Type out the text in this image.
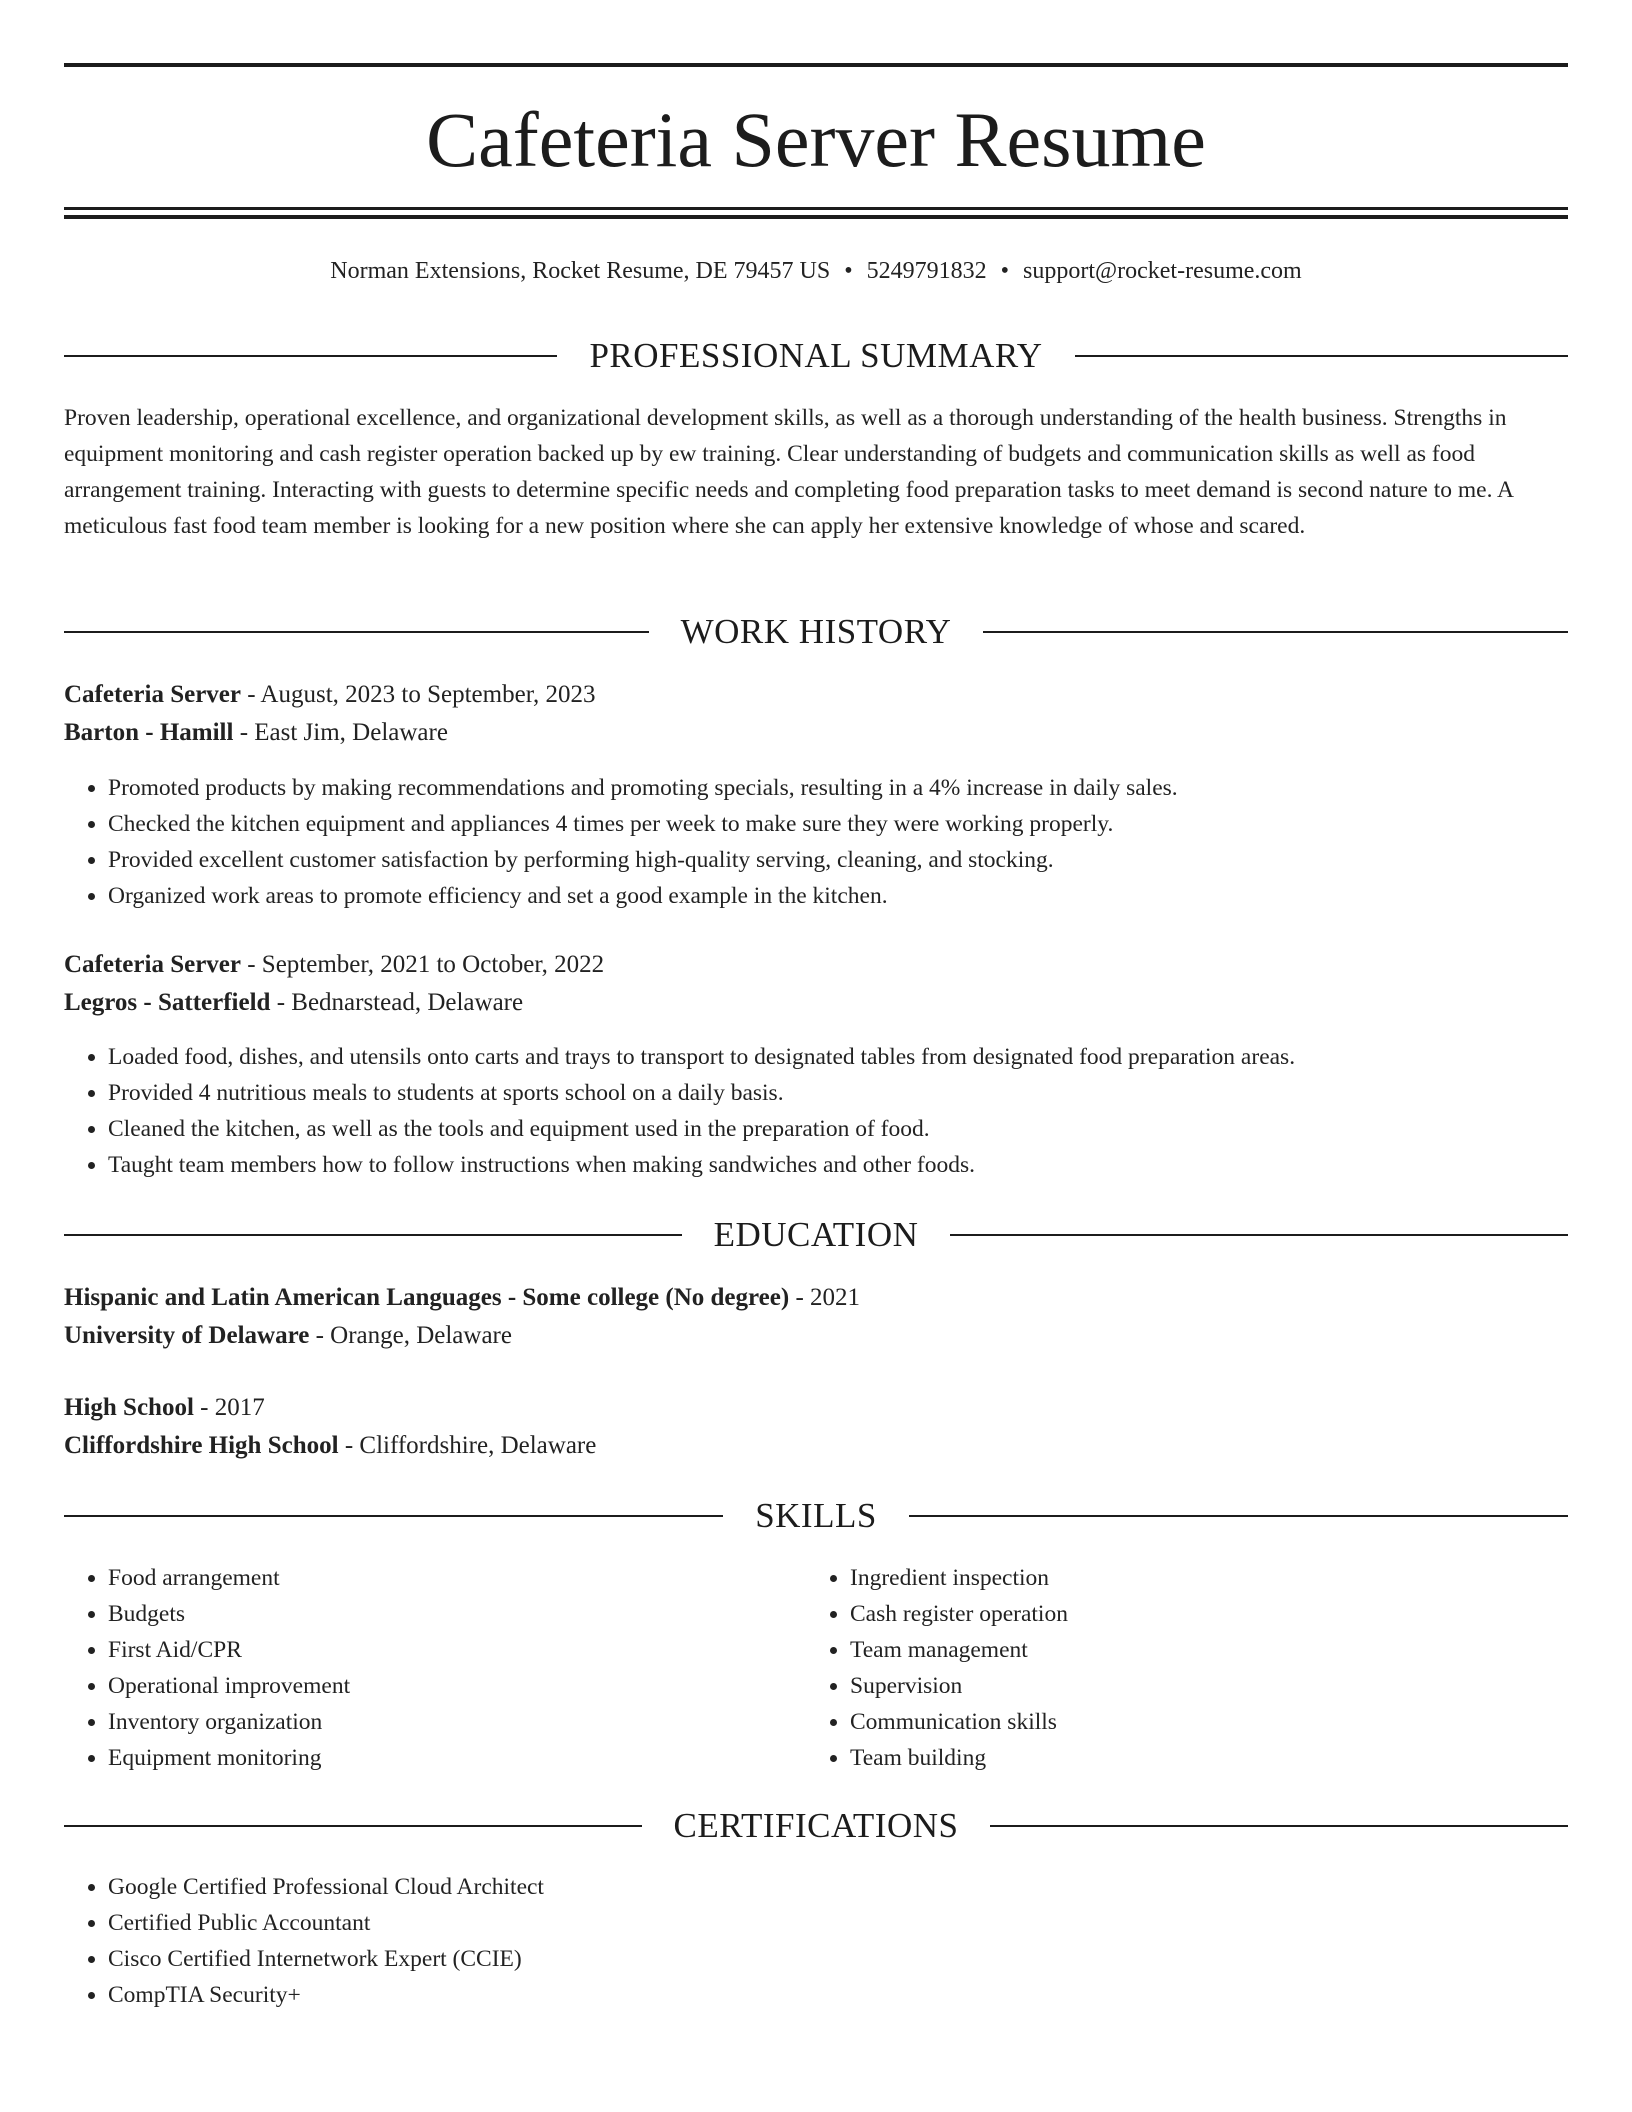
Cafeteria Server Resume
Norman Extensions, Rocket Resume, DE 79457 US • 5249791832 • support@rocket-resume.com
PROFESSIONAL SUMMARY

Proven leadership, operational excellence, and organizational development skills, as well as a thorough understanding of the health business. Strengths in equipment monitoring and cash register operation backed up by ew training. Clear understanding of budgets and communication skills as well as food arrangement training. Interacting with guests to determine specific needs and completing food preparation tasks to meet demand is second nature to me. A meticulous fast food team member is looking for a new position where she can apply her extensive knowledge of whose and scared.

WORK HISTORY
Cafeteria Server - August, 2023 to September, 2023
Barton - Hamill - East Jim, Delaware
• Promoted products by making recommendations and promoting specials, resulting in a 4% increase in daily sales.
• Checked the kitchen equipment and appliances 4 times per week to make sure they were working properly.
• Provided excellent customer satisfaction by performing high-quality serving, cleaning, and stocking.
• Organized work areas to promote efficiency and set a good example in the kitchen.
Cafeteria Server - September, 2021 to October, 2022
Legros - Satterfield - Bednarstead, Delaware
• Loaded food, dishes, and utensils onto carts and trays to transport to designated tables from designated food preparation areas.
• Provided 4 nutritious meals to students at sports school on a daily basis.
• Cleaned the kitchen, as well as the tools and equipment used in the preparation of food.
• Taught team members how to follow instructions when making sandwiches and other foods.
EDUCATION
Hispanic and Latin American Languages - Some college (No degree) - 2021
University of Delaware - Orange, Delaware
High School - 2017
Cliffordshire High School - Cliffordshire, Delaware
SKILLS
• Food arrangement
• Budgets
• First Aid/CPR
• Operational improvement
• Inventory organization
• Equipment monitoring
• Ingredient inspection
• Cash register operation
• Team management
• Supervision
• Communication skills
• Team building
CERTIFICATIONS
• Google Certified Professional Cloud Architect
• Certified Public Accountant
• Cisco Certified Internetwork Expert (CCIE)
• CompTIA Security+
